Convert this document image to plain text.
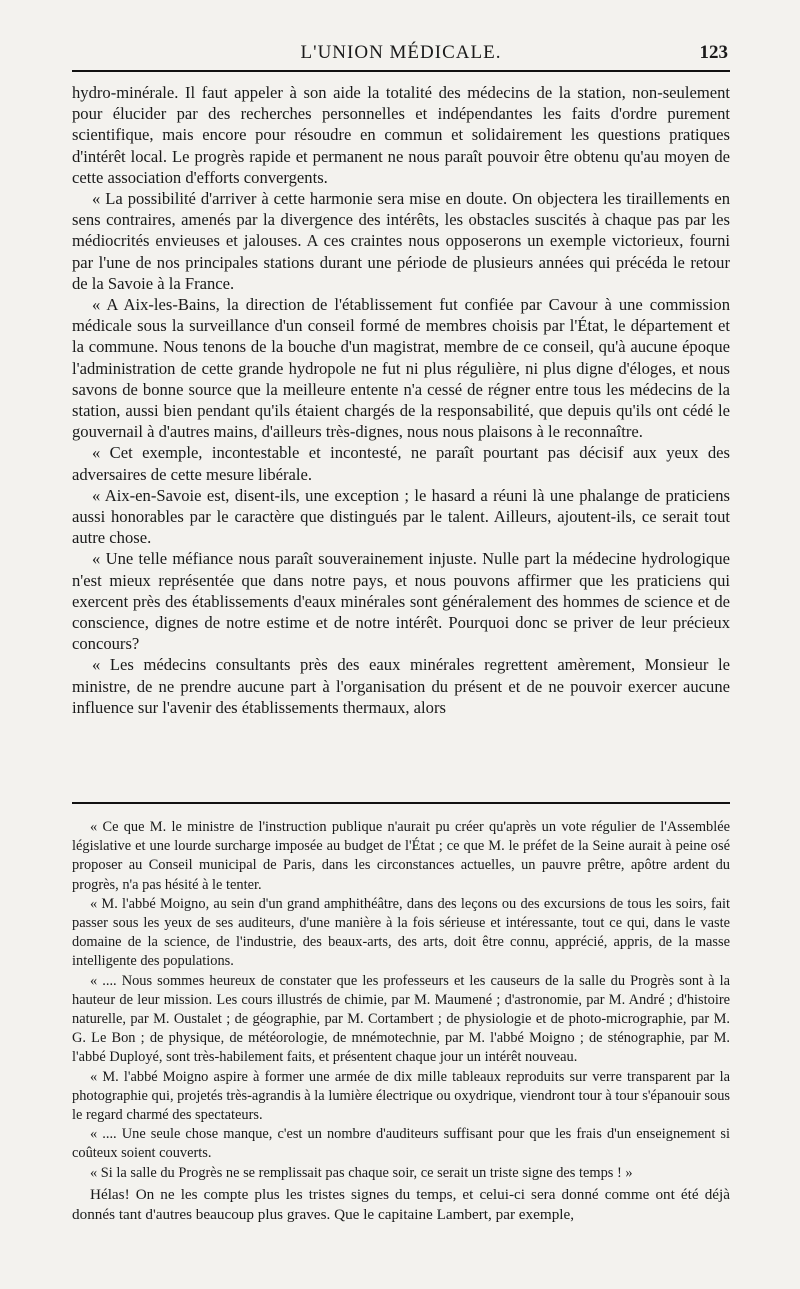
L'UNION MÉDICALE.	123

hydro-minérale. Il faut appeler à son aide la totalité des médecins de la station, non-seulement pour élucider par des recherches personnelles et indépendantes les faits d'ordre purement scientifique, mais encore pour résoudre en commun et solidairement les questions pratiques d'intérêt local. Le progrès rapide et permanent ne nous paraît pouvoir être obtenu qu'au moyen de cette association d'efforts convergents.

« La possibilité d'arriver à cette harmonie sera mise en doute. On objectera les tiraillements en sens contraires, amenés par la divergence des intérêts, les obstacles suscités à chaque pas par les médiocrités envieuses et jalouses. A ces craintes nous opposerons un exemple victorieux, fourni par l'une de nos principales stations durant une période de plusieurs années qui précéda le retour de la Savoie à la France.

« A Aix-les-Bains, la direction de l'établissement fut confiée par Cavour à une commission médicale sous la surveillance d'un conseil formé de membres choisis par l'État, le département et la commune. Nous tenons de la bouche d'un magistrat, membre de ce conseil, qu'à aucune époque l'administration de cette grande hydropole ne fut ni plus régulière, ni plus digne d'éloges, et nous savons de bonne source que la meilleure entente n'a cessé de régner entre tous les médecins de la station, aussi bien pendant qu'ils étaient chargés de la responsabilité, que depuis qu'ils ont cédé le gouvernail à d'autres mains, d'ailleurs très-dignes, nous nous plaisons à le reconnaître.

« Cet exemple, incontestable et incontesté, ne paraît pourtant pas décisif aux yeux des adversaires de cette mesure libérale.

« Aix-en-Savoie est, disent-ils, une exception ; le hasard a réuni là une phalange de praticiens aussi honorables par le caractère que distingués par le talent. Ailleurs, ajoutent-ils, ce serait tout autre chose.

« Une telle méfiance nous paraît souverainement injuste. Nulle part la médecine hydrologique n'est mieux représentée que dans notre pays, et nous pouvons affirmer que les praticiens qui exercent près des établissements d'eaux minérales sont généralement des hommes de science et de conscience, dignes de notre estime et de notre intérêt. Pourquoi donc se priver de leur précieux concours?

« Les médecins consultants près des eaux minérales regrettent amèrement, Monsieur le ministre, de ne prendre aucune part à l'organisation du présent et de ne pouvoir exercer aucune influence sur l'avenir des établissements thermaux, alors

« Ce que M. le ministre de l'instruction publique n'aurait pu créer qu'après un vote régulier de l'Assemblée législative et une lourde surcharge imposée au budget de l'État ; ce que M. le préfet de la Seine aurait à peine osé proposer au Conseil municipal de Paris, dans les circonstances actuelles, un pauvre prêtre, apôtre ardent du progrès, n'a pas hésité à le tenter.

« M. l'abbé Moigno, au sein d'un grand amphithéâtre, dans des leçons ou des excursions de tous les soirs, fait passer sous les yeux de ses auditeurs, d'une manière à la fois sérieuse et intéressante, tout ce qui, dans le vaste domaine de la science, de l'industrie, des beaux-arts, des arts, doit être connu, apprécié, appris, de la masse intelligente des populations.

« .... Nous sommes heureux de constater que les professeurs et les causeurs de la salle du Progrès sont à la hauteur de leur mission. Les cours illustrés de chimie, par M. Maumené ; d'astronomie, par M. André ; d'histoire naturelle, par M. Oustalet ; de géographie, par M. Cortambert ; de physiologie et de photo-micrographie, par M. G. Le Bon ; de physique, de météorologie, de mnémotechnie, par M. l'abbé Moigno ; de sténographie, par M. l'abbé Duployé, sont très-habilement faits, et présentent chaque jour un intérêt nouveau.

« M. l'abbé Moigno aspire à former une armée de dix mille tableaux reproduits sur verre transparent par la photographie qui, projetés très-agrandis à la lumière électrique ou oxydrique, viendront tour à tour s'épanouir sous le regard charmé des spectateurs.

« .... Une seule chose manque, c'est un nombre d'auditeurs suffisant pour que les frais d'un enseignement si coûteux soient couverts.

« Si la salle du Progrès ne se remplissait pas chaque soir, ce serait un triste signe des temps ! »

Hélas! On ne les compte plus les tristes signes du temps, et celui-ci sera donné comme ont été déjà donnés tant d'autres beaucoup plus graves. Que le capitaine Lambert, par exemple,
